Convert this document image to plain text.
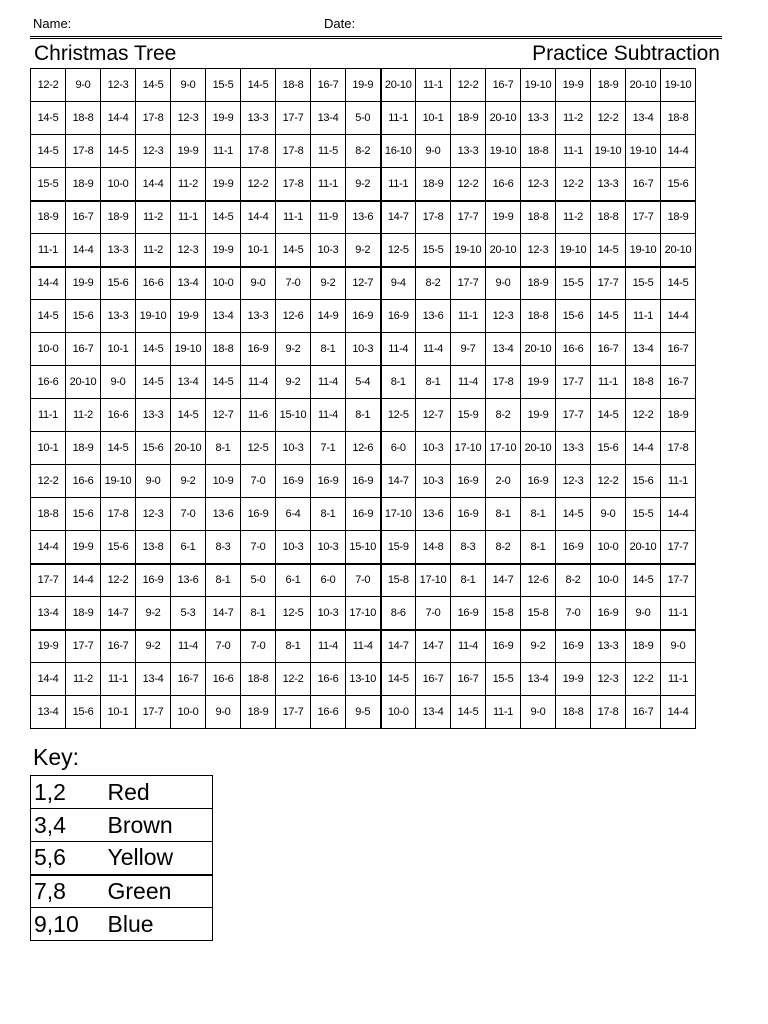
Name:	Date:
Christmas Tree	Practice Subtraction
12-2	9-0	12-3	14-5	9-0	15-5	14-5	18-8	16-7	19-9	20-10	11-1	12-2	16-7	19-10	19-9	18-9	20-10	19-10
14-5	18-8	14-4	17-8	12-3	19-9	13-3	17-7	13-4	5-0	11-1	10-1	18-9	20-10	13-3	11-2	12-2	13-4	18-8
14-5	17-8	14-5	12-3	19-9	11-1	17-8	17-8	11-5	8-2	16-10	9-0	13-3	19-10	18-8	11-1	19-10	19-10	14-4
15-5	18-9	10-0	14-4	11-2	19-9	12-2	17-8	11-1	9-2	11-1	18-9	12-2	16-6	12-3	12-2	13-3	16-7	15-6
18-9	16-7	18-9	11-2	11-1	14-5	14-4	11-1	11-9	13-6	14-7	17-8	17-7	19-9	18-8	11-2	18-8	17-7	18-9
11-1	14-4	13-3	11-2	12-3	19-9	10-1	14-5	10-3	9-2	12-5	15-5	19-10	20-10	12-3	19-10	14-5	19-10	20-10
14-4	19-9	15-6	16-6	13-4	10-0	9-0	7-0	9-2	12-7	9-4	8-2	17-7	9-0	18-9	15-5	17-7	15-5	14-5
14-5	15-6	13-3	19-10	19-9	13-4	13-3	12-6	14-9	16-9	16-9	13-6	11-1	12-3	18-8	15-6	14-5	11-1	14-4
10-0	16-7	10-1	14-5	19-10	18-8	16-9	9-2	8-1	10-3	11-4	11-4	9-7	13-4	20-10	16-6	16-7	13-4	16-7
16-6	20-10	9-0	14-5	13-4	14-5	11-4	9-2	11-4	5-4	8-1	8-1	11-4	17-8	19-9	17-7	11-1	18-8	16-7
11-1	11-2	16-6	13-3	14-5	12-7	11-6	15-10	11-4	8-1	12-5	12-7	15-9	8-2	19-9	17-7	14-5	12-2	18-9
10-1	18-9	14-5	15-6	20-10	8-1	12-5	10-3	7-1	12-6	6-0	10-3	17-10	17-10	20-10	13-3	15-6	14-4	17-8
12-2	16-6	19-10	9-0	9-2	10-9	7-0	16-9	16-9	16-9	14-7	10-3	16-9	2-0	16-9	12-3	12-2	15-6	11-1
18-8	15-6	17-8	12-3	7-0	13-6	16-9	6-4	8-1	16-9	17-10	13-6	16-9	8-1	8-1	14-5	9-0	15-5	14-4
14-4	19-9	15-6	13-8	6-1	8-3	7-0	10-3	10-3	15-10	15-9	14-8	8-3	8-2	8-1	16-9	10-0	20-10	17-7
17-7	14-4	12-2	16-9	13-6	8-1	5-0	6-1	6-0	7-0	15-8	17-10	8-1	14-7	12-6	8-2	10-0	14-5	17-7
13-4	18-9	14-7	9-2	5-3	14-7	8-1	12-5	10-3	17-10	8-6	7-0	16-9	15-8	15-8	7-0	16-9	9-0	11-1
19-9	17-7	16-7	9-2	11-4	7-0	7-0	8-1	11-4	11-4	14-7	14-7	11-4	16-9	9-2	16-9	13-3	18-9	9-0
14-4	11-2	11-1	13-4	16-7	16-6	18-8	12-2	16-6	13-10	14-5	16-7	16-7	15-5	13-4	19-9	12-3	12-2	11-1
13-4	15-6	10-1	17-7	10-0	9-0	18-9	17-7	16-6	9-5	10-0	13-4	14-5	11-1	9-0	18-8	17-8	16-7	14-4
Key:
1,2	Red
3,4	Brown
5,6	Yellow
7,8	Green
9,10	Blue
